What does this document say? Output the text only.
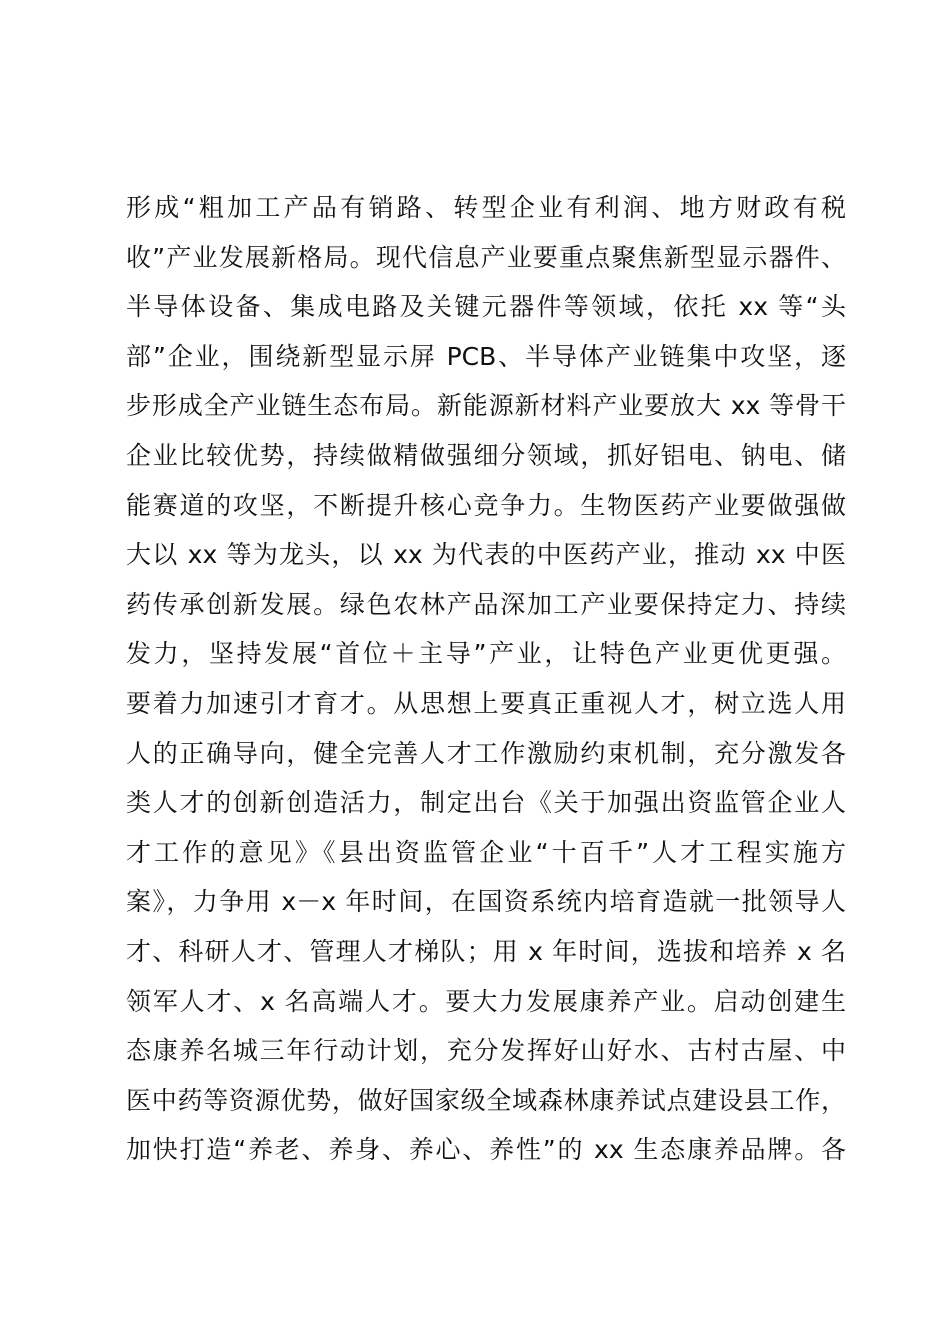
形成“粗加工产品有销路、转型企业有利润、地方财政有税
收”产业发展新格局。现代信息产业要重点聚焦新型显示器件、
半导体设备、集成电路及关键元器件等领域，依托 xx 等“头
部”企业，围绕新型显示屏 PCB、半导体产业链集中攻坚，逐
步形成全产业链生态布局。新能源新材料产业要放大 xx 等骨干
企业比较优势，持续做精做强细分领域，抓好铝电、钠电、储
能赛道的攻坚，不断提升核心竞争力。生物医药产业要做强做
大以 xx 等为龙头，以 xx 为代表的中医药产业，推动 xx 中医
药传承创新发展。绿色农林产品深加工产业要保持定力、持续
发力，坚持发展“首位＋主导”产业，让特色产业更优更强。
要着力加速引才育才。从思想上要真正重视人才，树立选人用
人的正确导向，健全完善人才工作激励约束机制，充分激发各
类人才的创新创造活力，制定出台《关于加强出资监管企业人
才工作的意见》《县出资监管企业“十百千”人才工程实施方
案》，力争用 x－x 年时间，在国资系统内培育造就一批领导人
才、科研人才、管理人才梯队；用 x 年时间，选拔和培养 x 名
领军人才、x 名高端人才。要大力发展康养产业。启动创建生
态康养名城三年行动计划，充分发挥好山好水、古村古屋、中
医中药等资源优势，做好国家级全域森林康养试点建设县工作，
加快打造“养老、养身、养心、养性”的 xx 生态康养品牌。各
